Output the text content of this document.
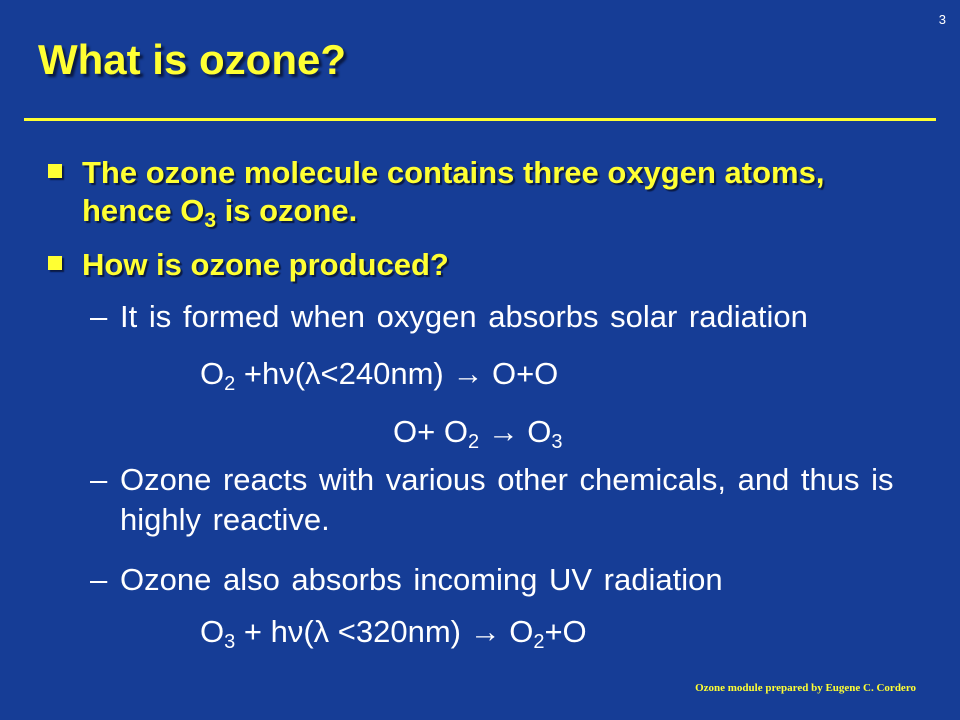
3
What is ozone?
The ozone molecule contains three oxygen atoms,
hence $O_3$ is ozone.
How is ozone produced?
– It is formed when oxygen absorbs solar radiation
$O_2 +h\nu(\lambda<240nm) \to O+O$
$O+ O_2 \to O_3$
– Ozone reacts with various other chemicals, and thus is highly reactive.
– Ozone also absorbs incoming UV radiation
$O_3 + h\nu(\lambda <320nm) \to O_2+O$
Ozone module prepared by Eugene C. Cordero
